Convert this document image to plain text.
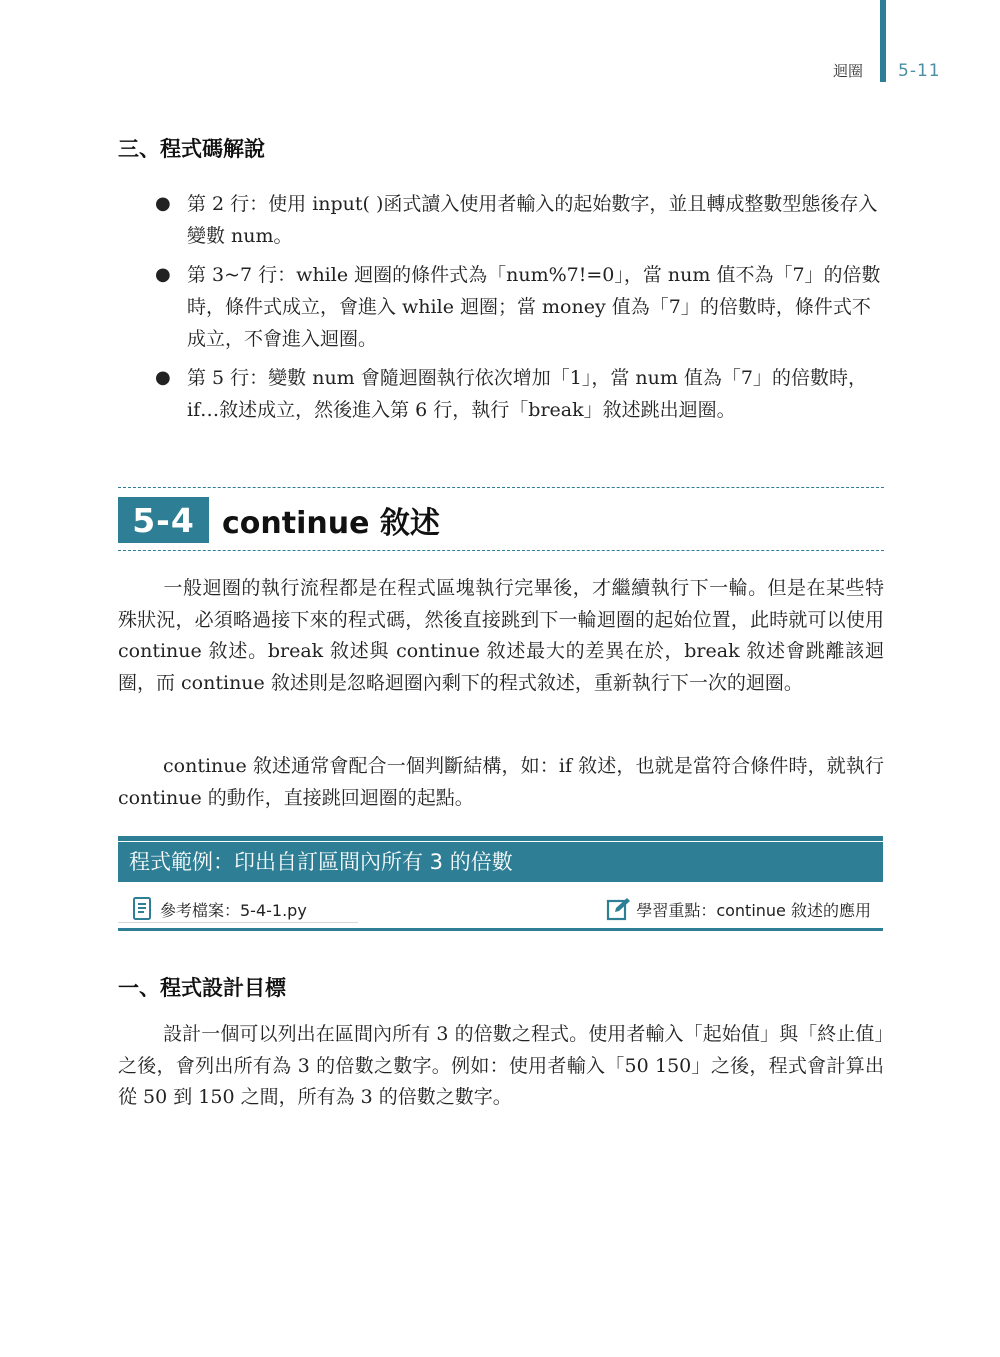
迴圈 5-11
三、程式碼解說
● 第 2 行：使用 input( )函式讀入使用者輸入的起始數字，並且轉成整數型態後存入變數 num。
● 第 3~7 行：while 迴圈的條件式為「num%7!=0」，當 num 值不為「7」的倍數時，條件式成立，會進入 while 迴圈；當 money 值為「7」的倍數時，條件式不成立，不會進入迴圈。
● 第 5 行：變數 num 會隨迴圈執行依次增加「1」，當 num 值為「7」的倍數時，if…敘述成立，然後進入第 6 行，執行「break」敘述跳出迴圈。
5-4 continue 敘述
一般迴圈的執行流程都是在程式區塊執行完畢後，才繼續執行下一輪。但是在某些特殊狀況，必須略過接下來的程式碼，然後直接跳到下一輪迴圈的起始位置，此時就可以使用 continue 敘述。break 敘述與 continue 敘述最大的差異在於，break 敘述會跳離該迴圈，而 continue 敘述則是忽略迴圈內剩下的程式敘述，重新執行下一次的迴圈。
continue 敘述通常會配合一個判斷結構，如：if 敘述，也就是當符合條件時，就執行 continue 的動作，直接跳回迴圈的起點。
程式範例：印出自訂區間內所有 3 的倍數
參考檔案：5-4-1.py	學習重點：continue 敘述的應用
一、程式設計目標
設計一個可以列出在區間內所有 3 的倍數之程式。使用者輸入「起始值」與「終止值」之後，會列出所有為 3 的倍數之數字。例如：使用者輸入「50 150」之後，程式會計算出從 50 到 150 之間，所有為 3 的倍數之數字。
